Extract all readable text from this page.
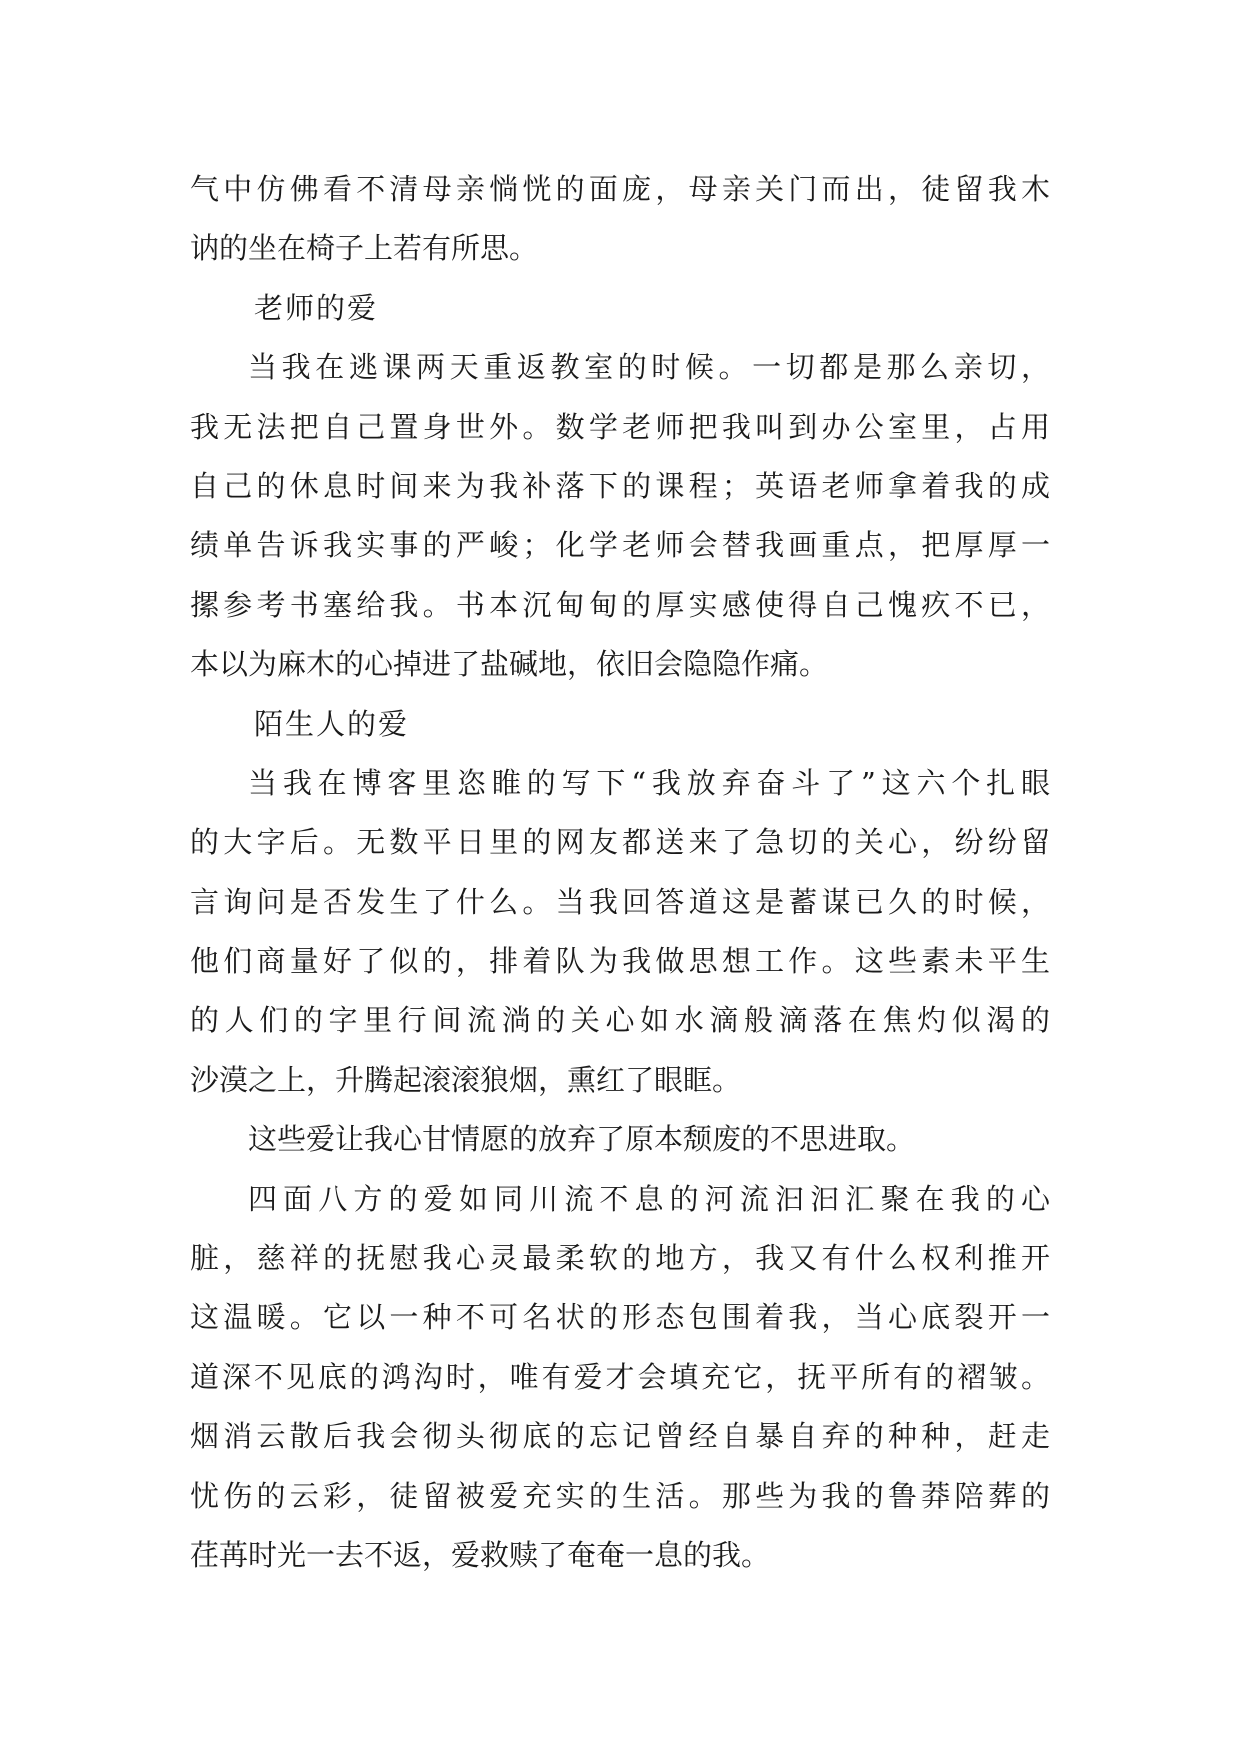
气中仿佛看不清母亲惝恍的面庞，母亲关门而出，徒留我木
讷的坐在椅子上若有所思。
老师的爱
当我在逃课两天重返教室的时候。一切都是那么亲切，
我无法把自己置身世外。数学老师把我叫到办公室里，占用
自己的休息时间来为我补落下的课程；英语老师拿着我的成
绩单告诉我实事的严峻；化学老师会替我画重点，把厚厚一
摞参考书塞给我。书本沉甸甸的厚实感使得自己愧疚不已，
本以为麻木的心掉进了盐碱地，依旧会隐隐作痛。
陌生人的爱
当我在博客里恣睢的写下“我放弃奋斗了”这六个扎眼
的大字后。无数平日里的网友都送来了急切的关心，纷纷留
言询问是否发生了什么。当我回答道这是蓄谋已久的时候，
他们商量好了似的，排着队为我做思想工作。这些素未平生
的人们的字里行间流淌的关心如水滴般滴落在焦灼似渴的
沙漠之上，升腾起滚滚狼烟，熏红了眼眶。
这些爱让我心甘情愿的放弃了原本颓废的不思进取。
四面八方的爱如同川流不息的河流汩汩汇聚在我的心
脏，慈祥的抚慰我心灵最柔软的地方，我又有什么权利推开
这温暖。它以一种不可名状的形态包围着我，当心底裂开一
道深不见底的鸿沟时，唯有爱才会填充它，抚平所有的褶皱。
烟消云散后我会彻头彻底的忘记曾经自暴自弃的种种，赶走
忧伤的云彩，徒留被爱充实的生活。那些为我的鲁莽陪葬的
荏苒时光一去不返，爱救赎了奄奄一息的我。
